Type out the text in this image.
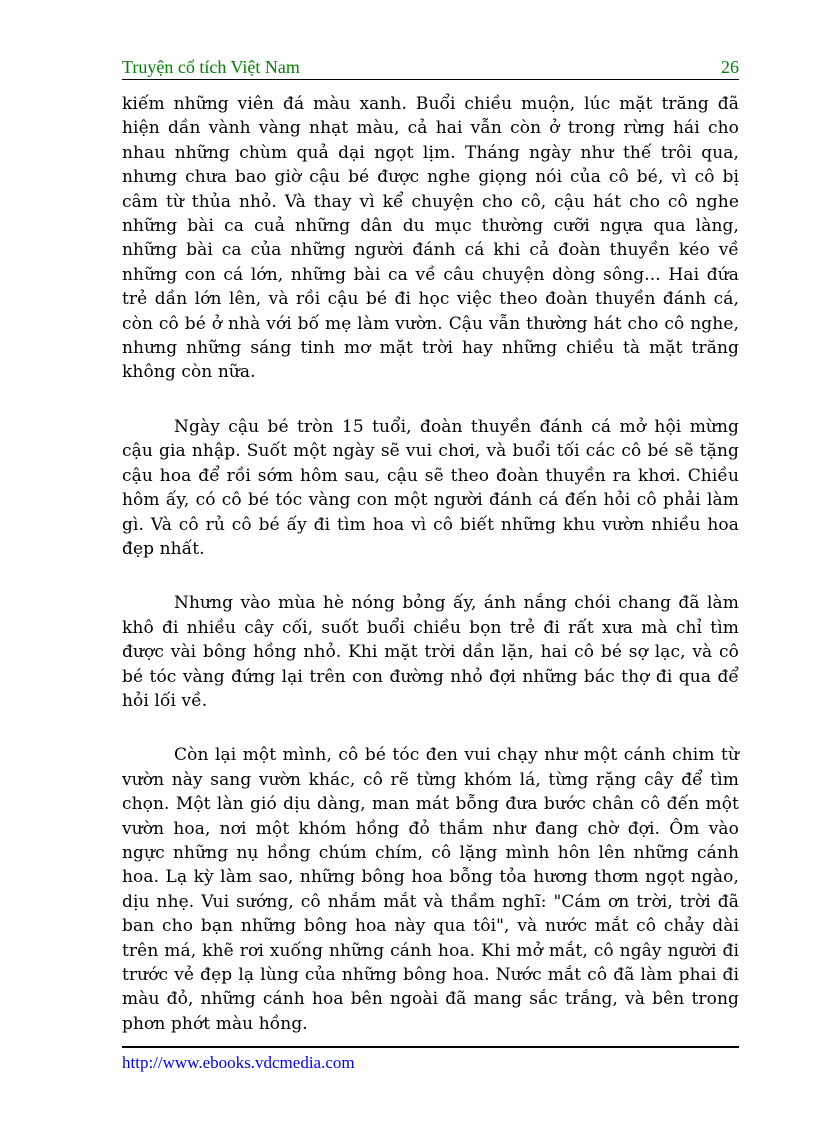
Truyện cổ tích Việt Nam	26

kiếm những viên đá màu xanh. Buổi chiều muộn, lúc mặt trăng đã hiện dần vành vàng nhạt màu, cả hai vẫn còn ở trong rừng hái cho nhau những chùm quả dại ngọt lịm. Tháng ngày như thế trôi qua, nhưng chưa bao giờ cậu bé được nghe giọng nói của cô bé, vì cô bị câm từ thủa nhỏ. Và thay vì kể chuyện cho cô, cậu hát cho cô nghe những bài ca cuả những dân du mục thường cưỡi ngựa qua làng, những bài ca của những người đánh cá khi cả đoàn thuyền kéo về những con cá lớn, những bài ca về câu chuyện dòng sông... Hai đứa trẻ dần lớn lên, và rồi cậu bé đi học việc theo đoàn thuyền đánh cá, còn cô bé ở nhà với bố mẹ làm vườn. Cậu vẫn thường hát cho cô nghe, nhưng những sáng tinh mơ mặt trời hay những chiều tà mặt trăng không còn nữa.

Ngày cậu bé tròn 15 tuổi, đoàn thuyền đánh cá mở hội mừng cậu gia nhập. Suốt một ngày sẽ vui chơi, và buổi tối các cô bé sẽ tặng cậu hoa để rồi sớm hôm sau, cậu sẽ theo đoàn thuyền ra khơi. Chiều hôm ấy, có cô bé tóc vàng con một người đánh cá đến hỏi cô phải làm gì. Và cô rủ cô bé ấy đi tìm hoa vì cô biết những khu vườn nhiều hoa đẹp nhất.

Nhưng vào mùa hè nóng bỏng ấy, ánh nắng chói chang đã làm khô đi nhiều cây cối, suốt buổi chiều bọn trẻ đi rất xưa mà chỉ tìm được vài bông hồng nhỏ. Khi mặt trời dần lặn, hai cô bé sợ lạc, và cô bé tóc vàng đứng lại trên con đường nhỏ đợi những bác thợ đi qua để hỏi lối về.

Còn lại một mình, cô bé tóc đen vui chạy như một cánh chim từ vườn này sang vườn khác, cô rẽ từng khóm lá, từng rặng cây để tìm chọn. Một làn gió dịu dàng, man mát bỗng đưa bước chân cô đến một vườn hoa, nơi một khóm hồng đỏ thắm như đang chờ đợi. Ôm vào ngực những nụ hồng chúm chím, cô lặng mình hôn lên những cánh hoa. Lạ kỳ làm sao, những bông hoa bỗng tỏa hương thơm ngọt ngào, dịu nhẹ. Vui sướng, cô nhắm mắt và thầm nghĩ: "Cám ơn trời, trời đã ban cho bạn những bông hoa này qua tôi", và nước mắt cô chảy dài trên má, khẽ rơi xuống những cánh hoa. Khi mở mắt, cô ngây người đi trước vẻ đẹp lạ lùng của những bông hoa. Nước mắt cô đã làm phai đi màu đỏ, những cánh hoa bên ngoài đã mang sắc trắng, và bên trong phơn phớt màu hồng.

http://www.ebooks.vdcmedia.com
